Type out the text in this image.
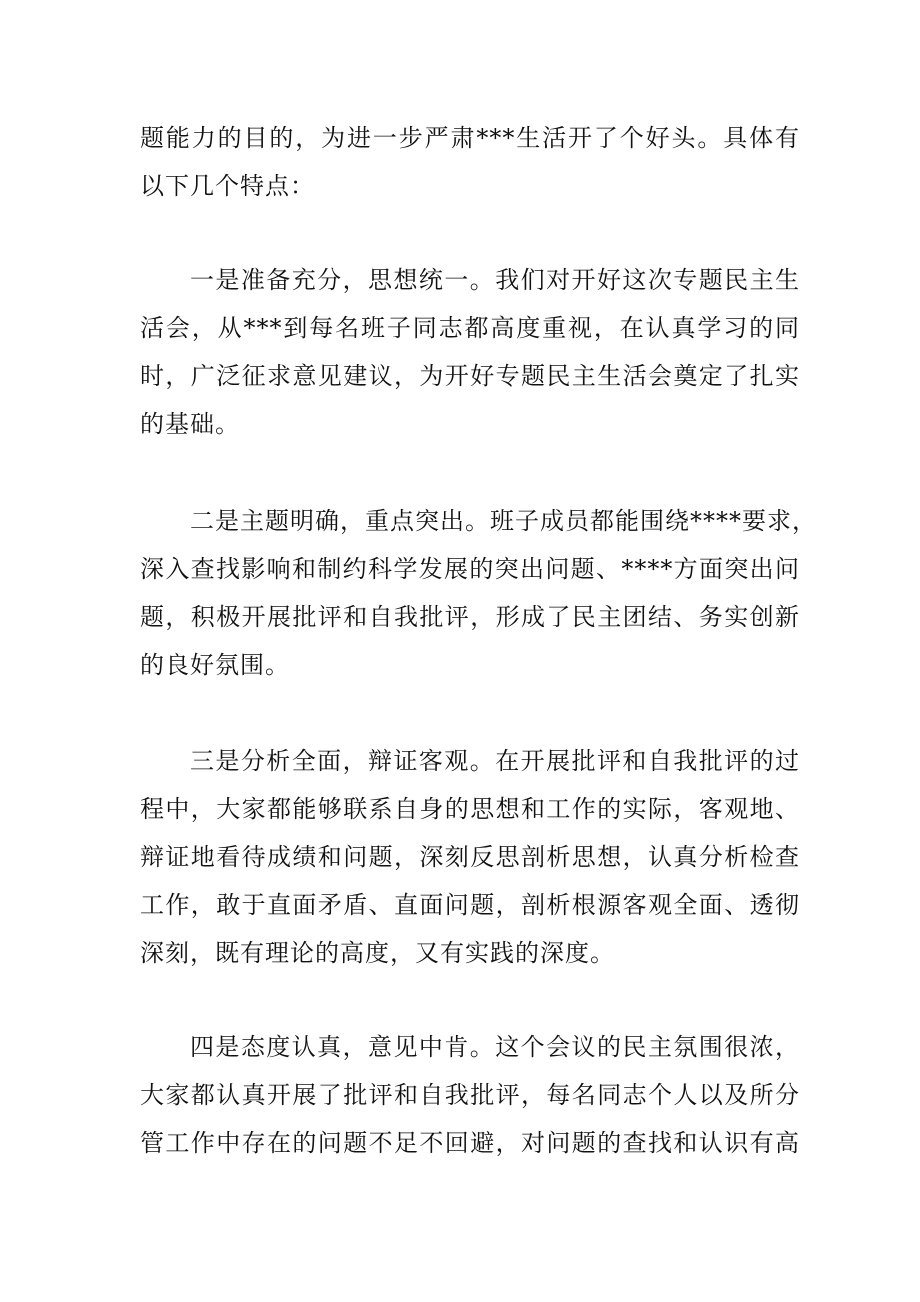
题能力的目的，为进一步严肃***生活开了个好头。具体有
以下几个特点：
一是准备充分，思想统一。我们对开好这次专题民主生
活会，从***到每名班子同志都高度重视，在认真学习的同
时，广泛征求意见建议，为开好专题民主生活会奠定了扎实
的基础。
二是主题明确，重点突出。班子成员都能围绕****要求，
深入查找影响和制约科学发展的突出问题、****方面突出问
题，积极开展批评和自我批评，形成了民主团结、务实创新
的良好氛围。
三是分析全面，辩证客观。在开展批评和自我批评的过
程中，大家都能够联系自身的思想和工作的实际，客观地、
辩证地看待成绩和问题，深刻反思剖析思想，认真分析检查
工作，敢于直面矛盾、直面问题，剖析根源客观全面、透彻
深刻，既有理论的高度，又有实践的深度。
四是态度认真，意见中肯。这个会议的民主氛围很浓，
大家都认真开展了批评和自我批评，每名同志个人以及所分
管工作中存在的问题不足不回避，对问题的查找和认识有高
